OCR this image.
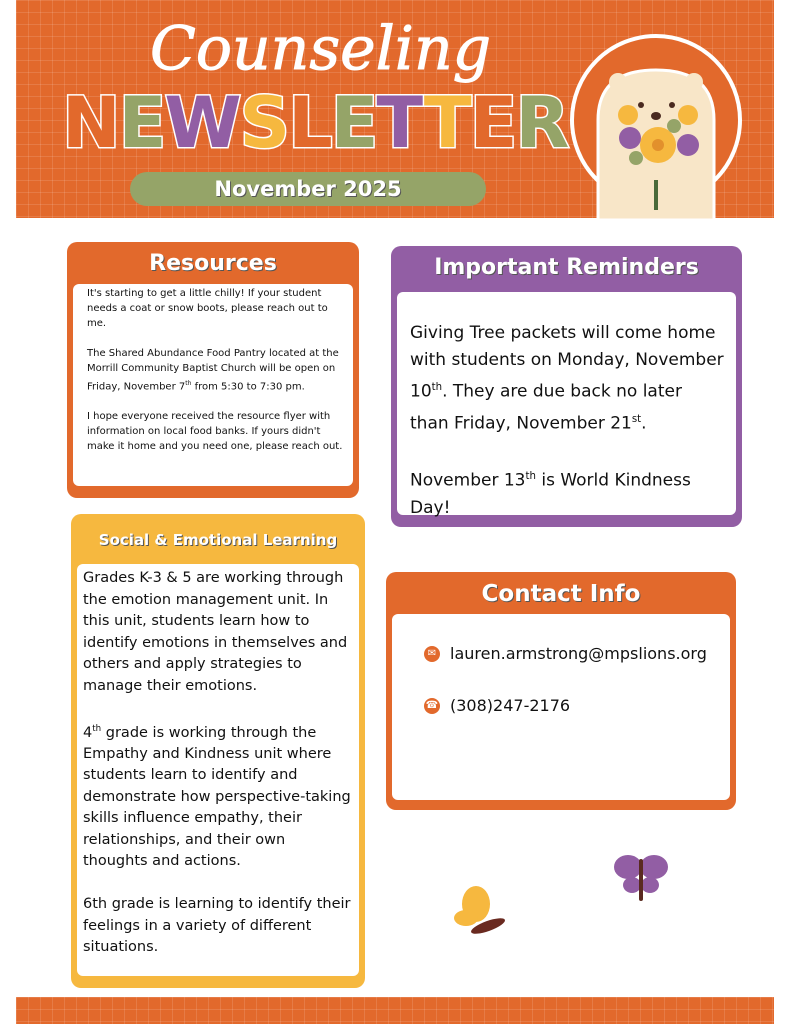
Counseling
NEWSLETTER
November 2025
Resources

It's starting to get a little chilly! If your student needs a coat or snow boots, please reach out to me.

The Shared Abundance Food Pantry located at the Morrill Community Baptist Church will be open on Friday, November 7th from 5:30 to 7:30 pm.

I hope everyone received the resource flyer with information on local food banks. If yours didn't make it home and you need one, please reach out.

Important Reminders

Giving Tree packets will come home with students on Monday, November 10th. They are due back no later than Friday, November 21st.

November 13th is World Kindness Day!

Social & Emotional Learning

Grades K-3 & 5 are working through the emotion management unit. In this unit, students learn how to identify emotions in themselves and others and apply strategies to manage their emotions.

4th grade is working through the Empathy and Kindness unit where students learn to identify and demonstrate how perspective-taking skills influence empathy, their relationships, and their own thoughts and actions.

6th grade is learning to identify their feelings in a variety of different situations.

Contact Info
✉ lauren.armstrong@mpslions.org
☎ (308)247-2176
